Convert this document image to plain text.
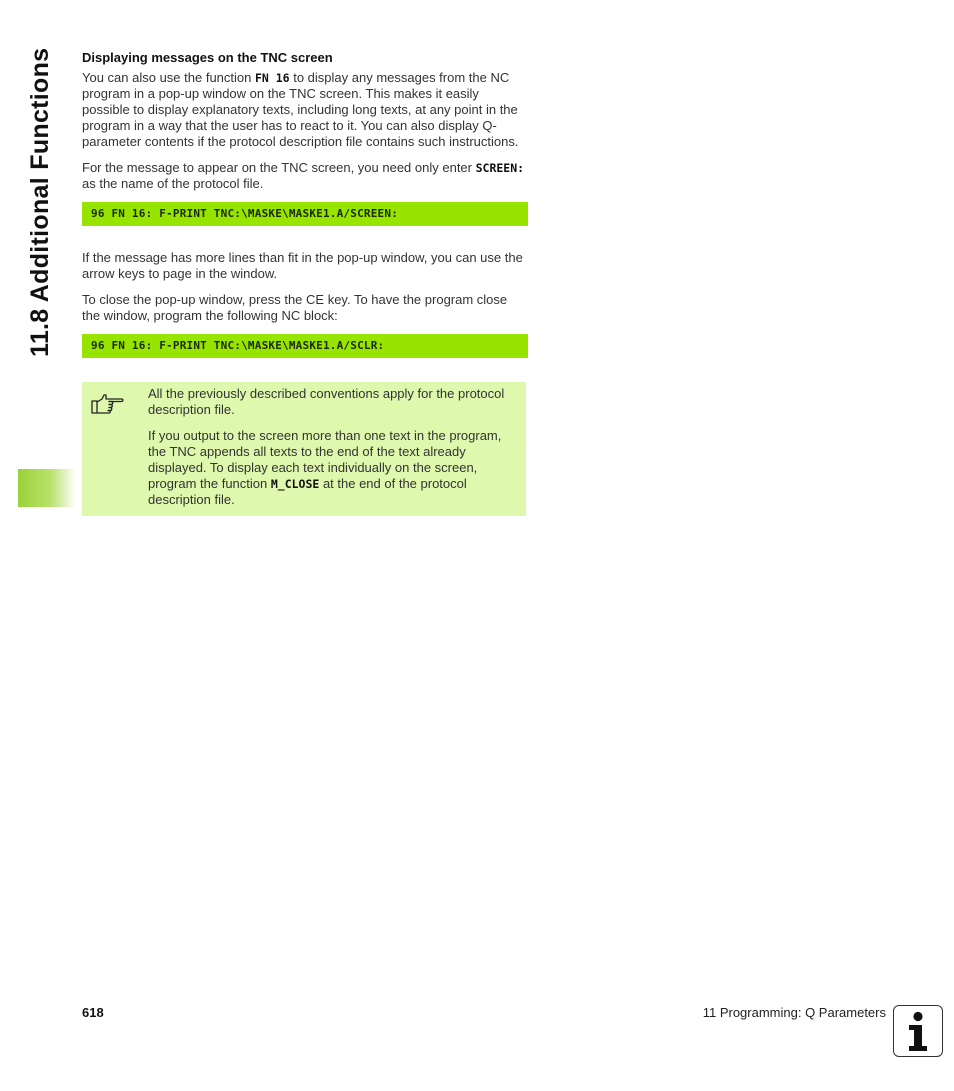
11.8 Additional Functions Displaying messages on the TNC screen

You can also use the function FN 16 to display any messages from the NC program in a pop-up window on the TNC screen. This makes it easily possible to display explanatory texts, including long texts, at any point in the program in a way that the user has to react to it. You can also display Q-parameter contents if the protocol description file contains such instructions.

For the message to appear on the TNC screen, you need only enter SCREEN: as the name of the protocol file.

96 FN 16: F-PRINT TNC:\MASKE\MASKE1.A/SCREEN:

If the message has more lines than fit in the pop-up window, you can use the arrow keys to page in the window.

To close the pop-up window, press the CE key. To have the program close the window, program the following NC block:

96 FN 16: F-PRINT TNC:\MASKE\MASKE1.A/SCLR:

All the previously described conventions apply for the protocol description file.

If you output to the screen more than one text in the program, the TNC appends all texts to the end of the text already displayed. To display each text individually on the screen, program the function M_CLOSE at the end of the protocol description file.

618	11 Programming: Q Parameters
